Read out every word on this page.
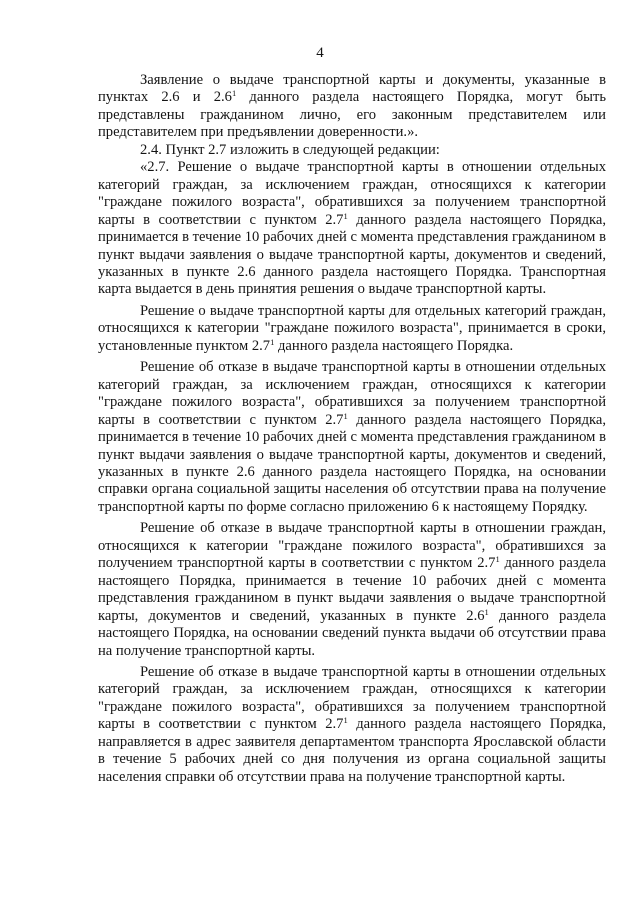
4

Заявление о выдаче транспортной карты и документы, указанные в пунктах 2.6 и $2.6^1$ данного раздела настоящего Порядка, могут быть представлены гражданином лично, его законным представителем или представителем при предъявлении доверенности.».

2.4. Пункт 2.7 изложить в следующей редакции:

«2.7. Решение о выдаче транспортной карты в отношении отдельных категорий граждан, за исключением граждан, относящихся к категории "граждане пожилого возраста", обратившихся за получением транспортной карты в соответствии с пунктом $2.7^1$ данного раздела настоящего Порядка, принимается в течение 10 рабочих дней с момента представления гражданином в пункт выдачи заявления о выдаче транспортной карты, документов и сведений, указанных в пункте 2.6 данного раздела настоящего Порядка. Транспортная карта выдается в день принятия решения о выдаче транспортной карты.

Решение о выдаче транспортной карты для отдельных категорий граждан, относящихся к категории "граждане пожилого возраста", принимается в сроки, установленные пунктом $2.7^1$ данного раздела настоящего Порядка.

Решение об отказе в выдаче транспортной карты в отношении отдельных категорий граждан, за исключением граждан, относящихся к категории "граждане пожилого возраста", обратившихся за получением транспортной карты в соответствии с пунктом $2.7^1$ данного раздела настоящего Порядка, принимается в течение 10 рабочих дней с момента представления гражданином в пункт выдачи заявления о выдаче транспортной карты, документов и сведений, указанных в пункте 2.6 данного раздела настоящего Порядка, на основании справки органа социальной защиты населения об отсутствии права на получение транспортной карты по форме согласно приложению 6 к настоящему Порядку.

Решение об отказе в выдаче транспортной карты в отношении граждан, относящихся к категории "граждане пожилого возраста", обратившихся за получением транспортной карты в соответствии с пунктом $2.7^1$ данного раздела настоящего Порядка, принимается в течение 10 рабочих дней с момента представления гражданином в пункт выдачи заявления о выдаче транспортной карты, документов и сведений, указанных в пункте $2.6^1$ данного раздела настоящего Порядка, на основании сведений пункта выдачи об отсутствии права на получение транспортной карты.

Решение об отказе в выдаче транспортной карты в отношении отдельных категорий граждан, за исключением граждан, относящихся к категории "граждане пожилого возраста", обратившихся за получением транспортной карты в соответствии с пунктом $2.7^1$ данного раздела настоящего Порядка, направляется в адрес заявителя департаментом транспорта Ярославской области в течение 5 рабочих дней со дня получения из органа социальной защиты населения справки об отсутствии права на получение транспортной карты.
